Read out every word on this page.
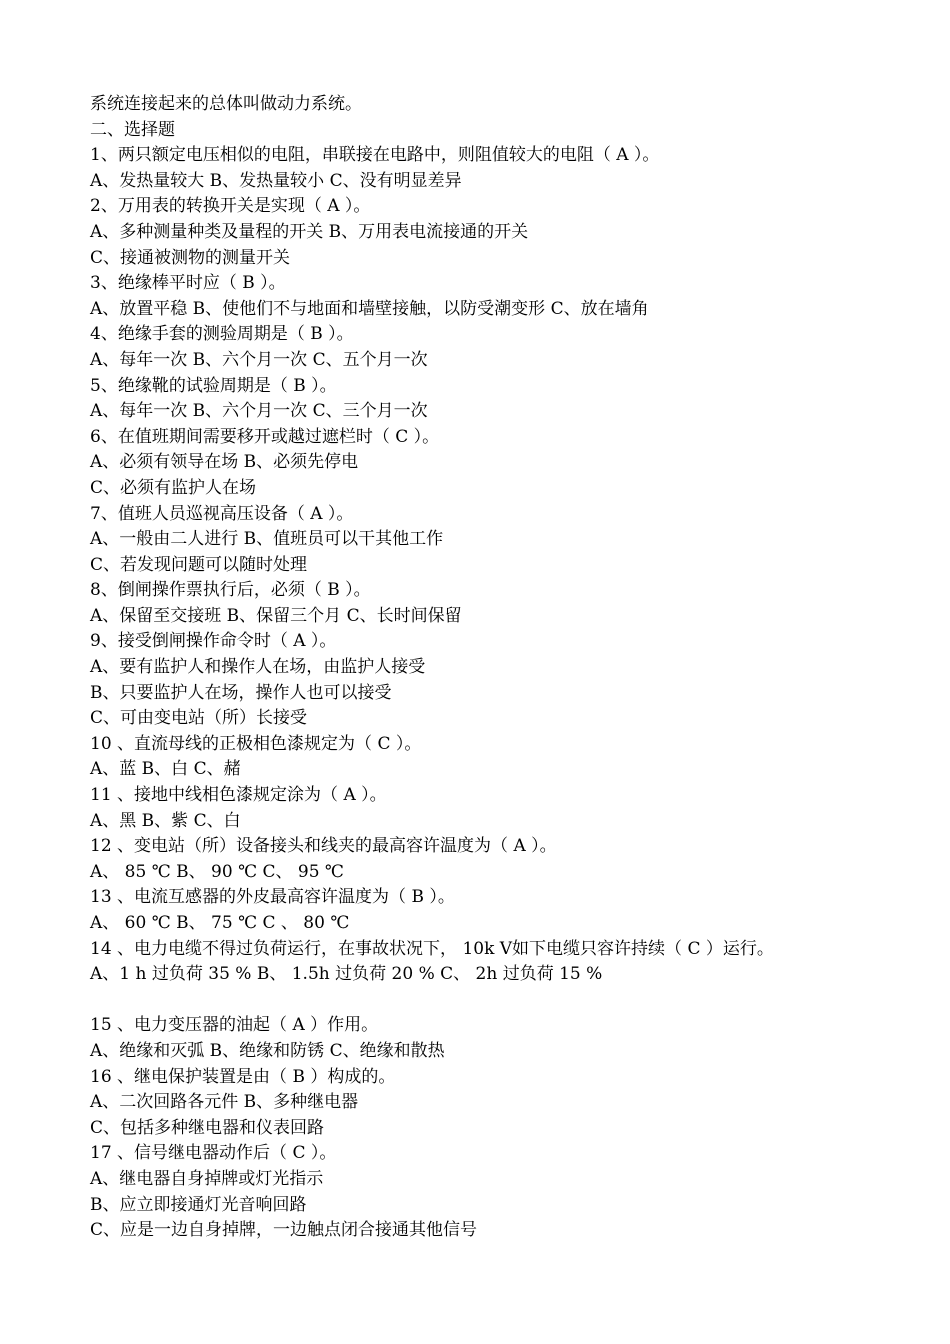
系统连接起来的总体叫做动力系统。
二、选择题
1、两只额定电压相似的电阻，串联接在电路中，则阻值较大的电阻（ A ）。
A、发热量较大 B、发热量较小 C、没有明显差异
2、万用表的转换开关是实现（ A ）。
A、多种测量种类及量程的开关 B、万用表电流接通的开关
C、接通被测物的测量开关
3、绝缘棒平时应（ B ）。
A、放置平稳 B、使他们不与地面和墙壁接触，以防受潮变形 C、放在墙角
4、绝缘手套的测验周期是（ B ）。
A、每年一次 B、六个月一次 C、五个月一次
5、绝缘靴的试验周期是（ B ）。
A、每年一次 B、六个月一次 C、三个月一次
6、在值班期间需要移开或越过遮栏时（ C ）。
A、必须有领导在场 B、必须先停电
C、必须有监护人在场
7、值班人员巡视高压设备（ A ）。
A、一般由二人进行 B、值班员可以干其他工作
C、若发现问题可以随时处理
8、倒闸操作票执行后，必须（ B ）。
A、保留至交接班 B、保留三个月 C、长时间保留
9、接受倒闸操作命令时（ A ）。
A、要有监护人和操作人在场，由监护人接受
B、只要监护人在场，操作人也可以接受
C、可由变电站（所）长接受
10 、直流母线的正极相色漆规定为（ C ）。
A、蓝 B、白 C、赭
11 、接地中线相色漆规定涂为（ A ）。
A、黑 B、紫 C、白
12 、变电站（所）设备接头和线夹的最高容许温度为（ A ）。
A、 85 ℃ B、 90 ℃ C、 95 ℃
13 、电流互感器的外皮最高容许温度为（ B ）。
A、 60 ℃ B、 75 ℃ C 、 80 ℃
14 、电力电缆不得过负荷运行，在事故状况下， 10k V如下电缆只容许持续（ C ）运行。
A、1 h 过负荷 35 % B、 1.5h 过负荷 20 % C、 2h 过负荷 15 %
15 、电力变压器的油起（ A ）作用。
A、绝缘和灭弧 B、绝缘和防锈 C、绝缘和散热
16 、继电保护装置是由（ B ）构成的。
A、二次回路各元件 B、多种继电器
C、包括多种继电器和仪表回路
17 、信号继电器动作后（ C ）。
A、继电器自身掉牌或灯光指示
B、应立即接通灯光音响回路
C、应是一边自身掉牌，一边触点闭合接通其他信号
